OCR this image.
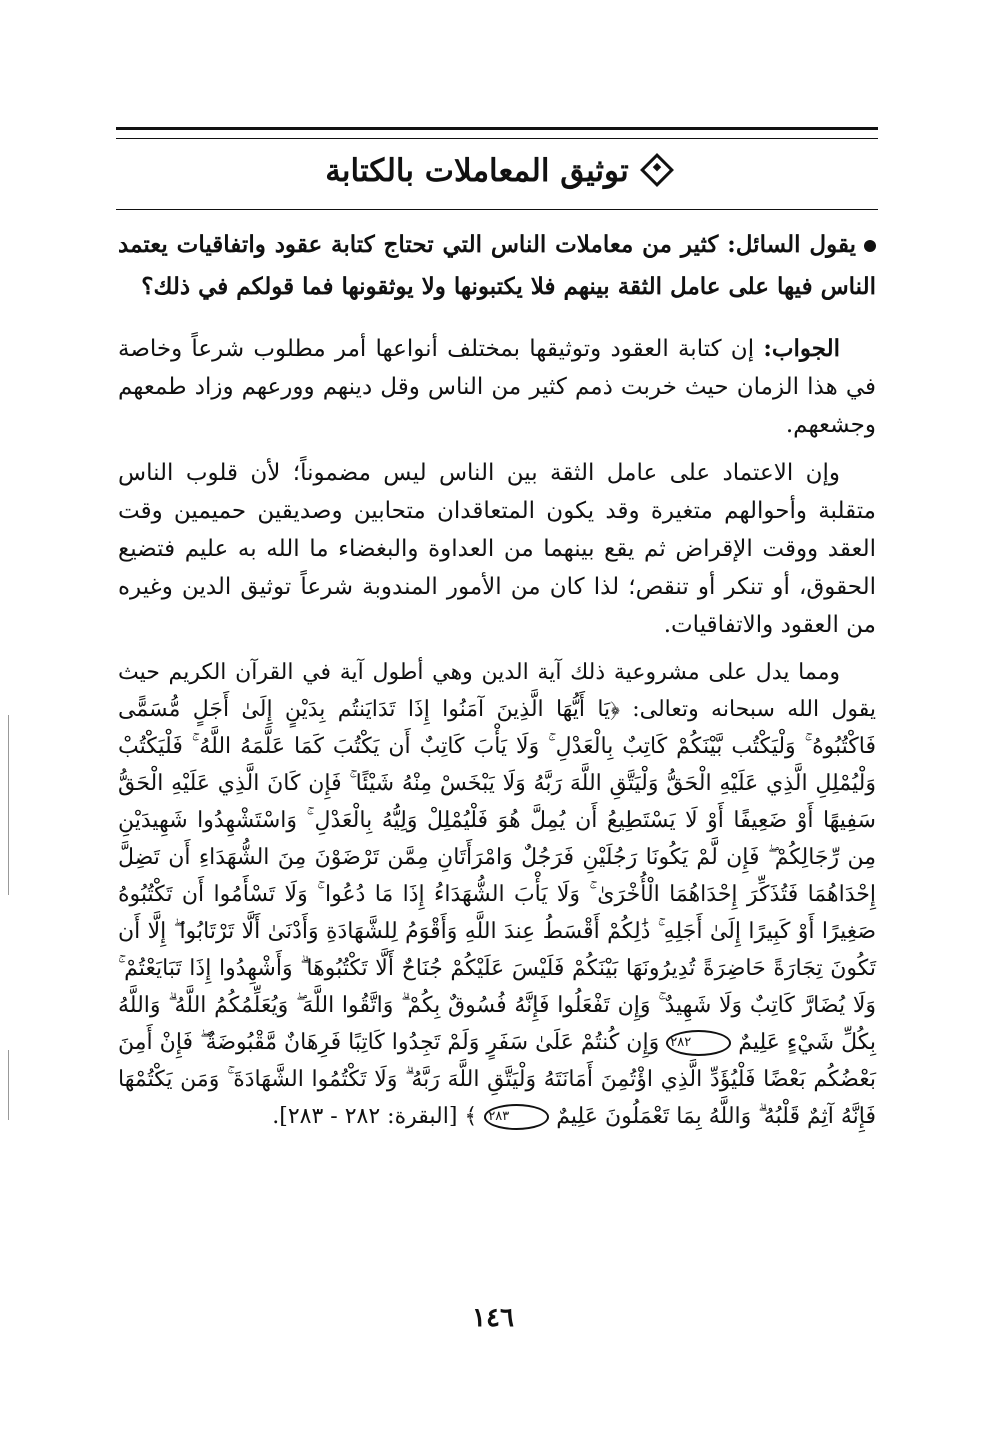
توثيق المعاملات بالكتابة

يقول السائل: كثير من معاملات الناس التي تحتاج كتابة عقود واتفاقيات يعتمد الناس فيها على عامل الثقة بينهم فلا يكتبونها ولا يوثقونها فما قولكم في ذلك؟

الجواب: إن كتابة العقود وتوثيقها بمختلف أنواعها أمر مطلوب شرعاً وخاصة في هذا الزمان حيث خربت ذمم كثير من الناس وقل دينهم وورعهم وزاد طمعهم وجشعهم.

وإن الاعتماد على عامل الثقة بين الناس ليس مضموناً؛ لأن قلوب الناس متقلبة وأحوالهم متغيرة وقد يكون المتعاقدان متحابين وصديقين حميمين وقت العقد ووقت الإقراض ثم يقع بينهما من العداوة والبغضاء ما الله به عليم فتضيع الحقوق، أو تنكر أو تنقص؛ لذا كان من الأمور المندوبة شرعاً توثيق الدين وغيره من العقود والاتفاقيات.

ومما يدل على مشروعية ذلك آية الدين وهي أطول آية في القرآن الكريم حيث يقول الله سبحانه وتعالى: ﴿يَا أَيُّهَا الَّذِينَ آمَنُوا إِذَا تَدَايَنتُم بِدَيْنٍ إِلَىٰ أَجَلٍ مُّسَمًّى فَاكْتُبُوهُ ۚ وَلْيَكْتُب بَّيْنَكُمْ كَاتِبٌ بِالْعَدْلِ ۚ وَلَا يَأْبَ كَاتِبٌ أَن يَكْتُبَ كَمَا عَلَّمَهُ اللَّهُ ۚ فَلْيَكْتُبْ وَلْيُمْلِلِ الَّذِي عَلَيْهِ الْحَقُّ وَلْيَتَّقِ اللَّهَ رَبَّهُ وَلَا يَبْخَسْ مِنْهُ شَيْئًا ۚ فَإِن كَانَ الَّذِي عَلَيْهِ الْحَقُّ سَفِيهًا أَوْ ضَعِيفًا أَوْ لَا يَسْتَطِيعُ أَن يُمِلَّ هُوَ فَلْيُمْلِلْ وَلِيُّهُ بِالْعَدْلِ ۚ وَاسْتَشْهِدُوا شَهِيدَيْنِ مِن رِّجَالِكُمْ ۖ فَإِن لَّمْ يَكُونَا رَجُلَيْنِ فَرَجُلٌ وَامْرَأَتَانِ مِمَّن تَرْضَوْنَ مِنَ الشُّهَدَاءِ أَن تَضِلَّ إِحْدَاهُمَا فَتُذَكِّرَ إِحْدَاهُمَا الْأُخْرَىٰ ۚ وَلَا يَأْبَ الشُّهَدَاءُ إِذَا مَا دُعُوا ۚ وَلَا تَسْأَمُوا أَن تَكْتُبُوهُ صَغِيرًا أَوْ كَبِيرًا إِلَىٰ أَجَلِهِ ۚ ذَٰلِكُمْ أَقْسَطُ عِندَ اللَّهِ وَأَقْوَمُ لِلشَّهَادَةِ وَأَدْنَىٰ أَلَّا تَرْتَابُوا ۖ إِلَّا أَن تَكُونَ تِجَارَةً حَاضِرَةً تُدِيرُونَهَا بَيْنَكُمْ فَلَيْسَ عَلَيْكُمْ جُنَاحٌ أَلَّا تَكْتُبُوهَا ۗ وَأَشْهِدُوا إِذَا تَبَايَعْتُمْ ۚ وَلَا يُضَارَّ كَاتِبٌ وَلَا شَهِيدٌ ۚ وَإِن تَفْعَلُوا فَإِنَّهُ فُسُوقٌ بِكُمْ ۗ وَاتَّقُوا اللَّهَ ۖ وَيُعَلِّمُكُمُ اللَّهُ ۗ وَاللَّهُ بِكُلِّ شَيْءٍ عَلِيمٌ ٢٨٢ وَإِن كُنتُمْ عَلَىٰ سَفَرٍ وَلَمْ تَجِدُوا كَاتِبًا فَرِهَانٌ مَّقْبُوضَةٌ ۖ فَإِنْ أَمِنَ بَعْضُكُم بَعْضًا فَلْيُؤَدِّ الَّذِي اؤْتُمِنَ أَمَانَتَهُ وَلْيَتَّقِ اللَّهَ رَبَّهُ ۗ وَلَا تَكْتُمُوا الشَّهَادَةَ ۚ وَمَن يَكْتُمْهَا فَإِنَّهُ آثِمٌ قَلْبُهُ ۗ وَاللَّهُ بِمَا تَعْمَلُونَ عَلِيمٌ ٢٨٣ ﴾ [البقرة: ٢٨٢ - ٢٨٣].

١٤٦
